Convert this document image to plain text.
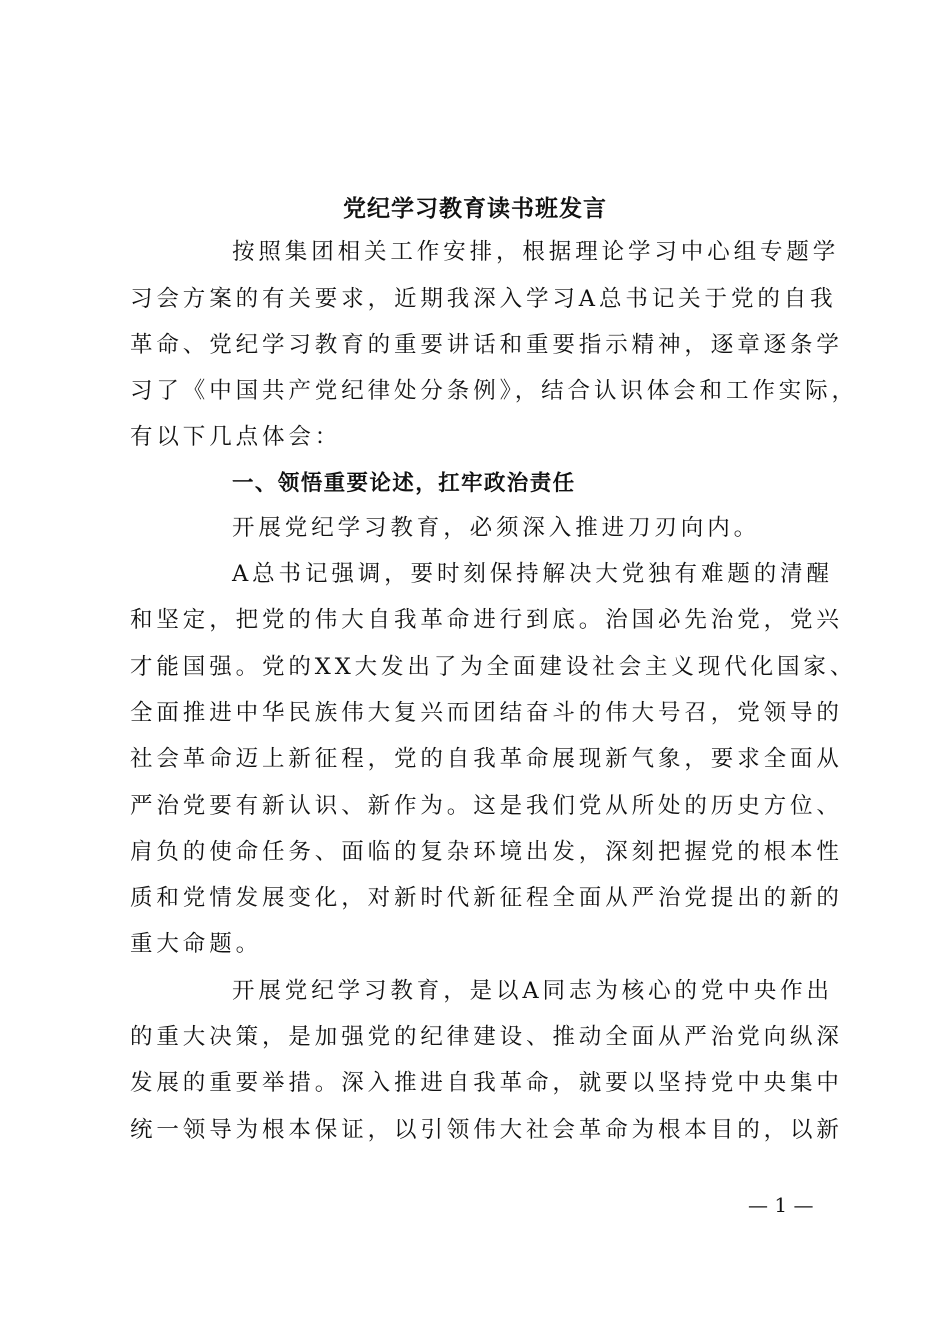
党纪学习教育读书班发言

按照集团相关工作安排，根据理论学习中心组专题学

习会方案的有关要求，近期我深入学习A总书记关于党的自我

革命、党纪学习教育的重要讲话和重要指示精神，逐章逐条学

习了《中国共产党纪律处分条例》，结合认识体会和工作实际，

有以下几点体会：

一、领悟重要论述，扛牢政治责任

开展党纪学习教育，必须深入推进刀刃向内。

A总书记强调，要时刻保持解决大党独有难题的清醒

和坚定，把党的伟大自我革命进行到底。治国必先治党，党兴

才能国强。党的XX大发出了为全面建设社会主义现代化国家、

全面推进中华民族伟大复兴而团结奋斗的伟大号召，党领导的

社会革命迈上新征程，党的自我革命展现新气象，要求全面从

严治党要有新认识、新作为。这是我们党从所处的历史方位、

肩负的使命任务、面临的复杂环境出发，深刻把握党的根本性

质和党情发展变化，对新时代新征程全面从严治党提出的新的

重大命题。

开展党纪学习教育，是以A同志为核心的党中央作出

的重大决策，是加强党的纪律建设、推动全面从严治党向纵深

发展的重要举措。深入推进自我革命，就要以坚持党中央集中

统一领导为根本保证，以引领伟大社会革命为根本目的，以新

— 1 —
